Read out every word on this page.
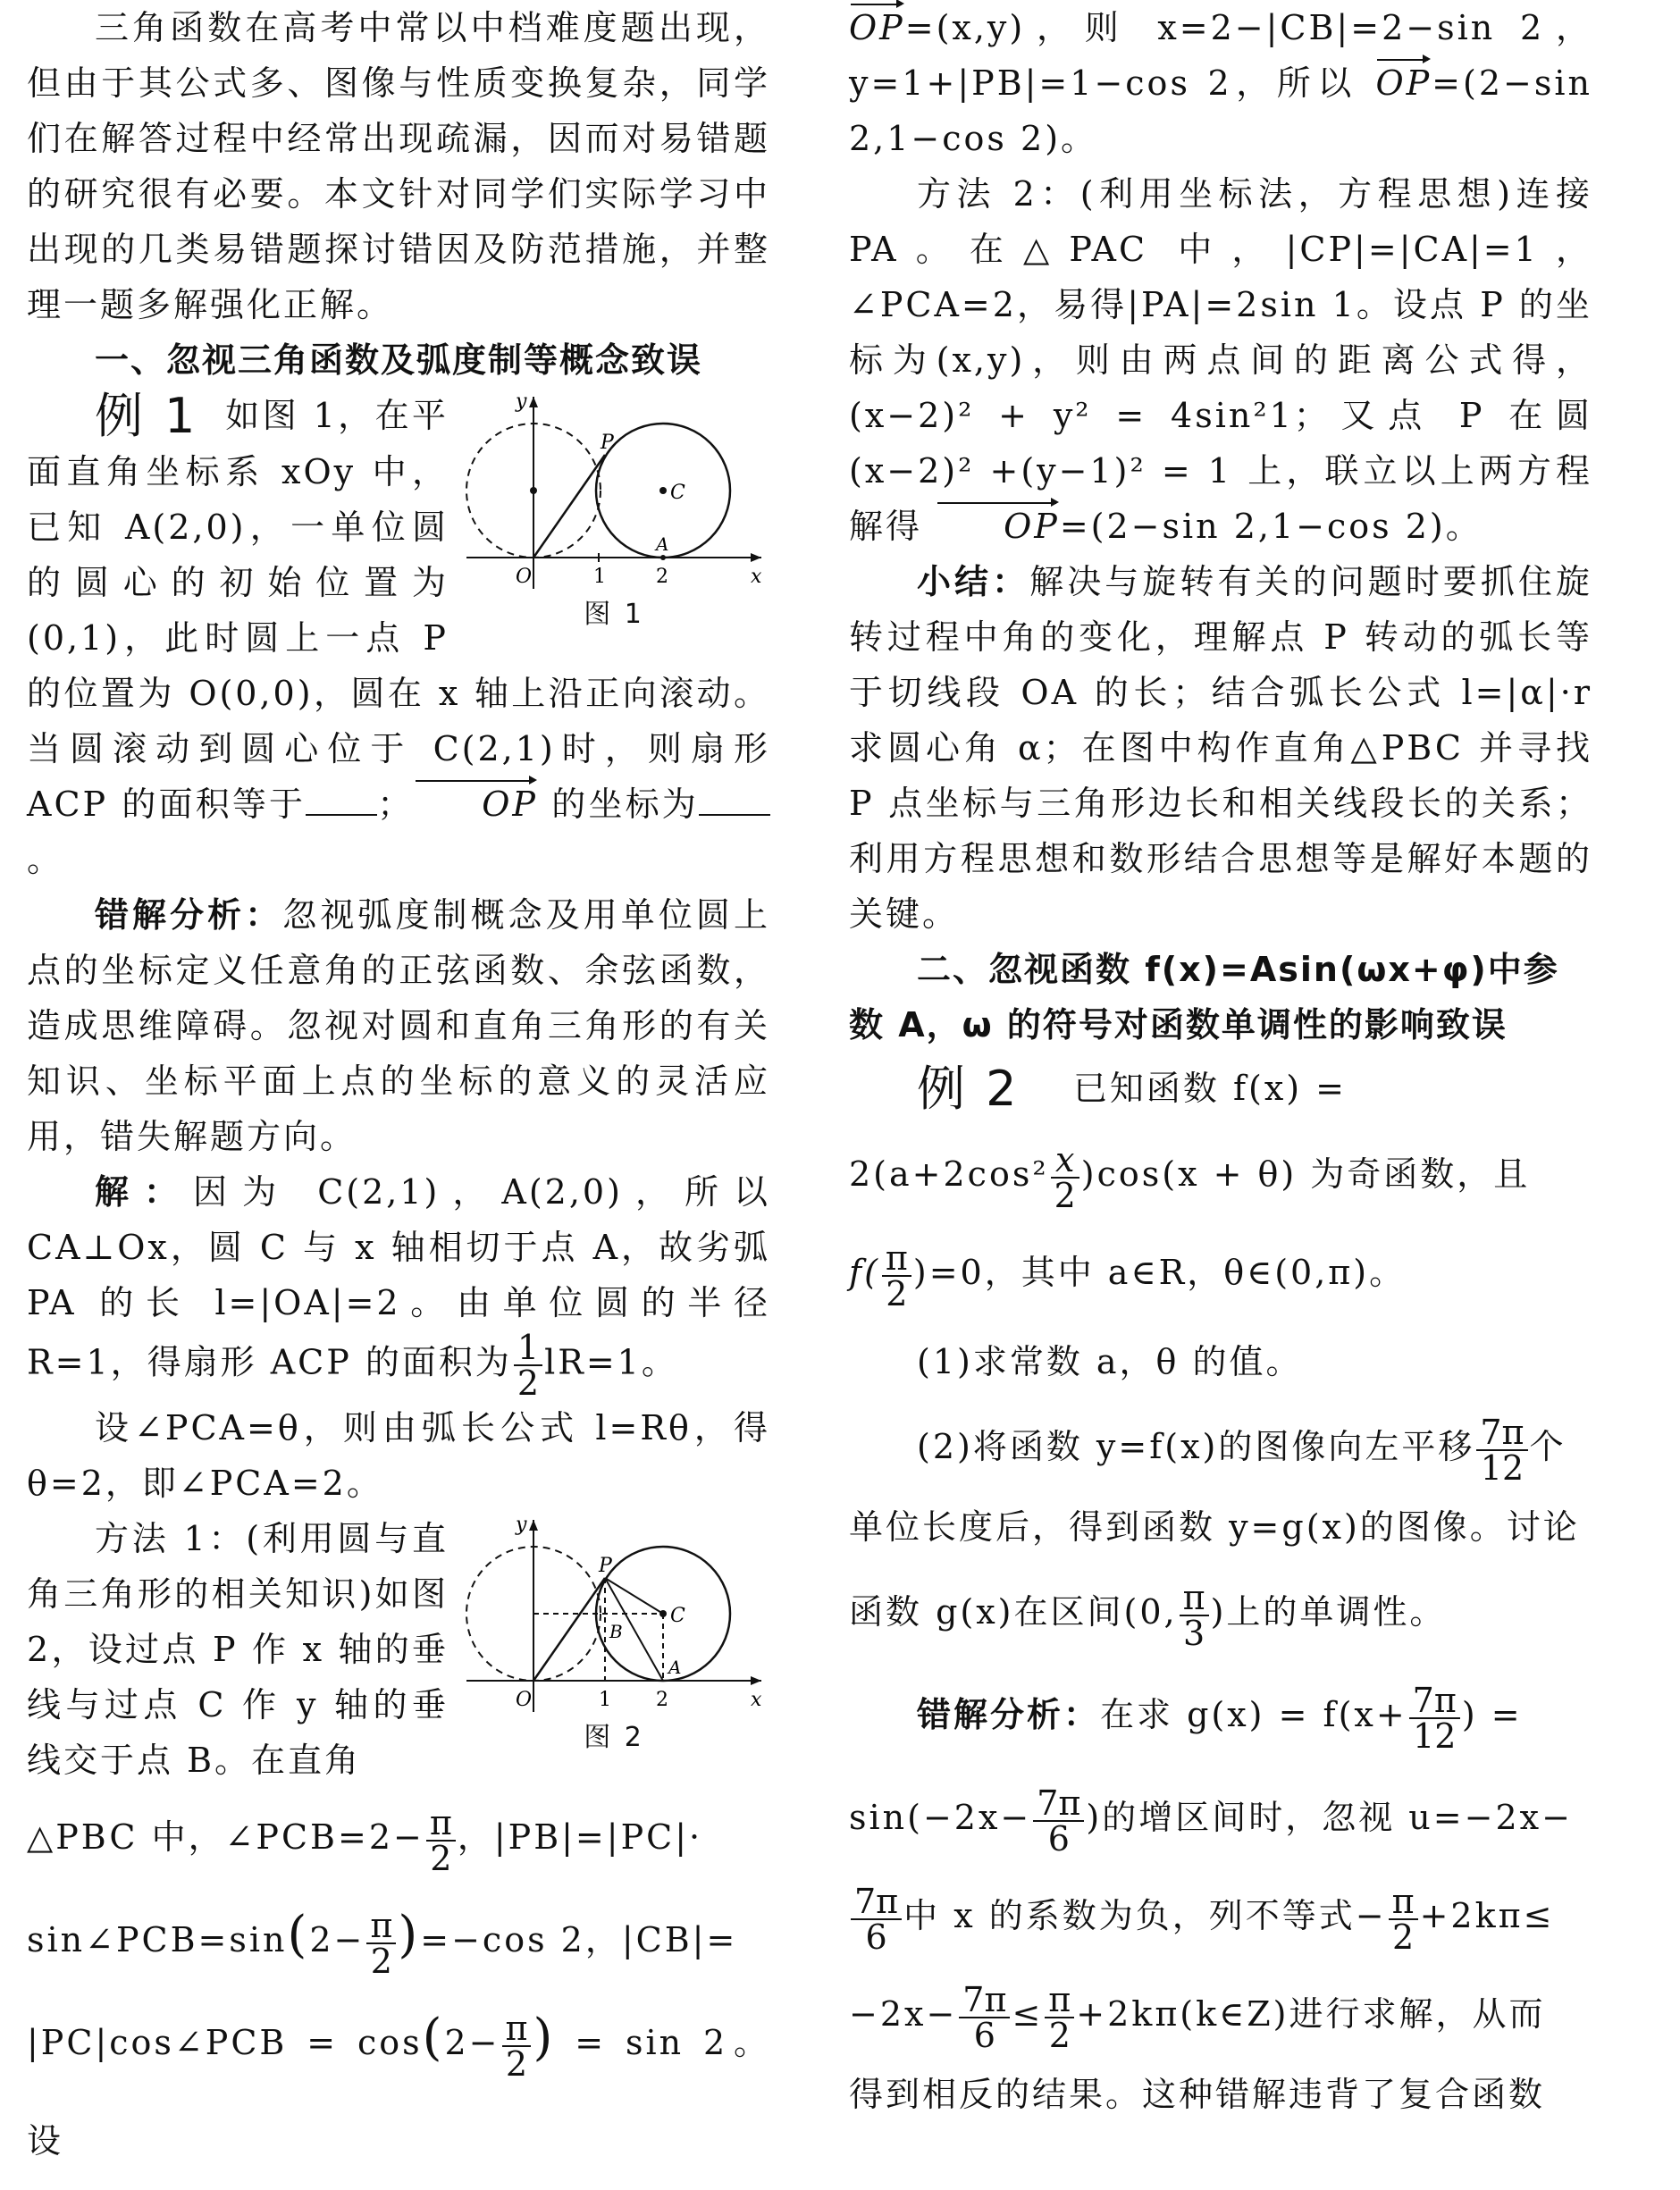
三角函数在高考中常以中档难度题出现，但由于其公式多、图像与性质变换复杂，同学们在解答过程中经常出现疏漏，因而对易错题的研究很有必要。本文针对同学们实际学习中出现的几类易错题探讨错因及防范措施，并整理一题多解强化正解。

一、忽视三角函数及弧度制等概念致误

y
x
O	1 2
P
C
A
图 1

例 1 如图 1，在平面直角坐标系 xOy 中，已知 A(2,0)，一单位圆的圆心的初始位置为(0,1)，此时圆上一点 P 的位置为 O(0,0)，圆在 x 轴上沿正向滚动。当圆滚动到圆心位于 C(2,1)时，则扇形 ACP 的面积等于 ； OP 的坐标为。

错解分析：忽视弧度制概念及用单位圆上点的坐标定义任意角的正弦函数、余弦函数，造成思维障碍。忽视对圆和直角三角形的有关知识、坐标平面上点的坐标的意义的灵活应用，错失解题方向。

解：因为 C(2,1)，A(2,0)，所以 CA⊥Ox，圆 C 与 x 轴相切于点 A，故劣弧 PA 的长 l=|OA|=2。由单位圆的半径 R=1，得扇形 ACP 的面积为 $\frac{1}{2} lR=1$。

设∠PCA=θ，则由弧长公式 l=Rθ，得 θ=2，即∠PCA=2。

y
x
O	1 2
P
C
B
A
图 2

方法 1：(利用圆与直角三角形的相关知识)如图 2，设过点 P 作 x 轴的垂线与过点 C 作 y 轴的垂线交于点 B。在直角

△PBC 中，∠PCB=2− $\frac{\pi}{2}$ ，|PB|=|PC|·

sin∠PCB=sin(2− $\frac{\pi}{2} )=-\cos$ 2，|CB|=

|PC|cos∠PCB = $\cos(2- \frac{\pi}{2}$ ) = sin 2。设

OP=(x,y)，则 x=2−|CB|=2−sin 2，y=1+|PB|=1−cos 2，所以 OP=(2−sin 2,1−cos 2)。

方法 2：(利用坐标法，方程思想)连接 PA。在△PAC 中，|CP|=|CA|=1，∠PCA=2，易得|PA|=2sin 1。设点 P 的坐标为(x,y)，则由两点间的距离公式得，(x−2)² + y² = 4sin²1；又点 P 在圆(x−2)² +(y−1)² = 1 上，联立以上两方程解得 OP=(2−sin 2,1−cos 2)。

小结：解决与旋转有关的问题时要抓住旋转过程中角的变化，理解点 P 转动的弧长等于切线段 OA 的长；结合弧长公式 l=|α|·r 求圆心角 α；在图中构作直角△PBC 并寻找 P 点坐标与三角形边长和相关线段长的关系；利用方程思想和数形结合思想等是解好本题的关键。

二、忽视函数 f(x)=Asin(ωx+φ)中参数 A，ω 的符号对函数单调性的影响致误

例 2 已知函数 f(x) =

$2(a+2\cos^2 \frac{x}{2} )\cos(x + \theta)$ 为奇函数，且

$f( \frac{\pi}{2} )=0$，其中 a∈R，θ∈(0,π)。

(1)求常数 a，θ 的值。

(2)将函数 y=f(x)的图像向左平移 $\frac{7\pi}{12}$ 个

单位长度后，得到函数 y=g(x)的图像。讨论

函数 g(x)在区间(0, $\frac{\pi}{3}$ )上的单调性。

错解分析：在求 $g(x) = f(x+ \frac{7\pi}{12}$ ) =

$\sin(-2x- \frac{7\pi}{6}$ )的增区间时，忽视 u=−2x−

$\frac{7\pi}{6}$ 中 x 的系数为负，列不等式− $\frac{\pi}{2} +2k\pi\le$

$-2x- \frac{7\pi}{6} \le \frac{\pi}{2}$ +2kπ(k∈Z)进行求解，从而

得到相反的结果。这种错解违背了复合函数
